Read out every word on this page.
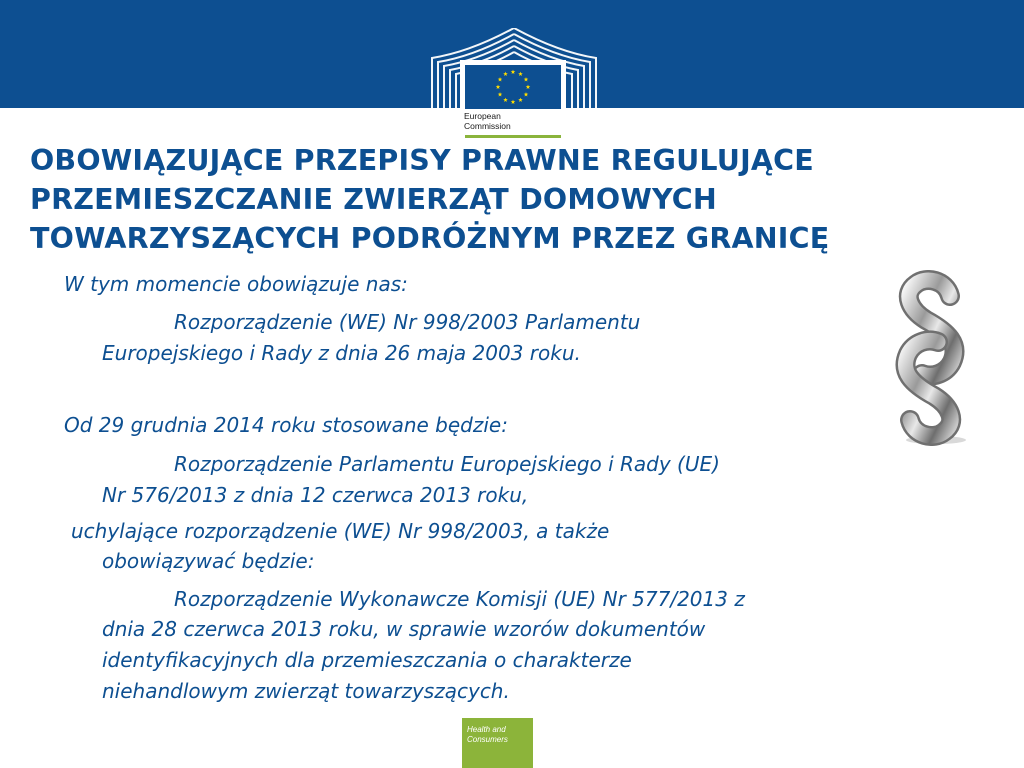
European
Commission
OBOWIĄZUJĄCE PRZEPISY PRAWNE REGULUJĄCE
PRZEMIESZCZANIE ZWIERZĄT DOMOWYCH
TOWARZYSZĄCYCH PODRÓŻNYM PRZEZ GRANICĘ
W tym momencie obowiązuje nas:
Rozporządzenie (WE) Nr 998/2003 Parlamentu
Europejskiego i Rady z dnia 26 maja 2003 roku.
Od 29 grudnia 2014 roku stosowane będzie:
Rozporządzenie Parlamentu Europejskiego i Rady (UE)
Nr 576/2013 z dnia 12 czerwca 2013 roku,
uchylające rozporządzenie (WE) Nr 998/2003, a także
obowiązywać będzie:
Rozporządzenie Wykonawcze Komisji (UE) Nr 577/2013 z
dnia 28 czerwca 2013 roku, w sprawie wzorów dokumentów
identyfikacyjnych dla przemieszczania o charakterze
niehandlowym zwierząt towarzyszących.
Health and
Consumers
